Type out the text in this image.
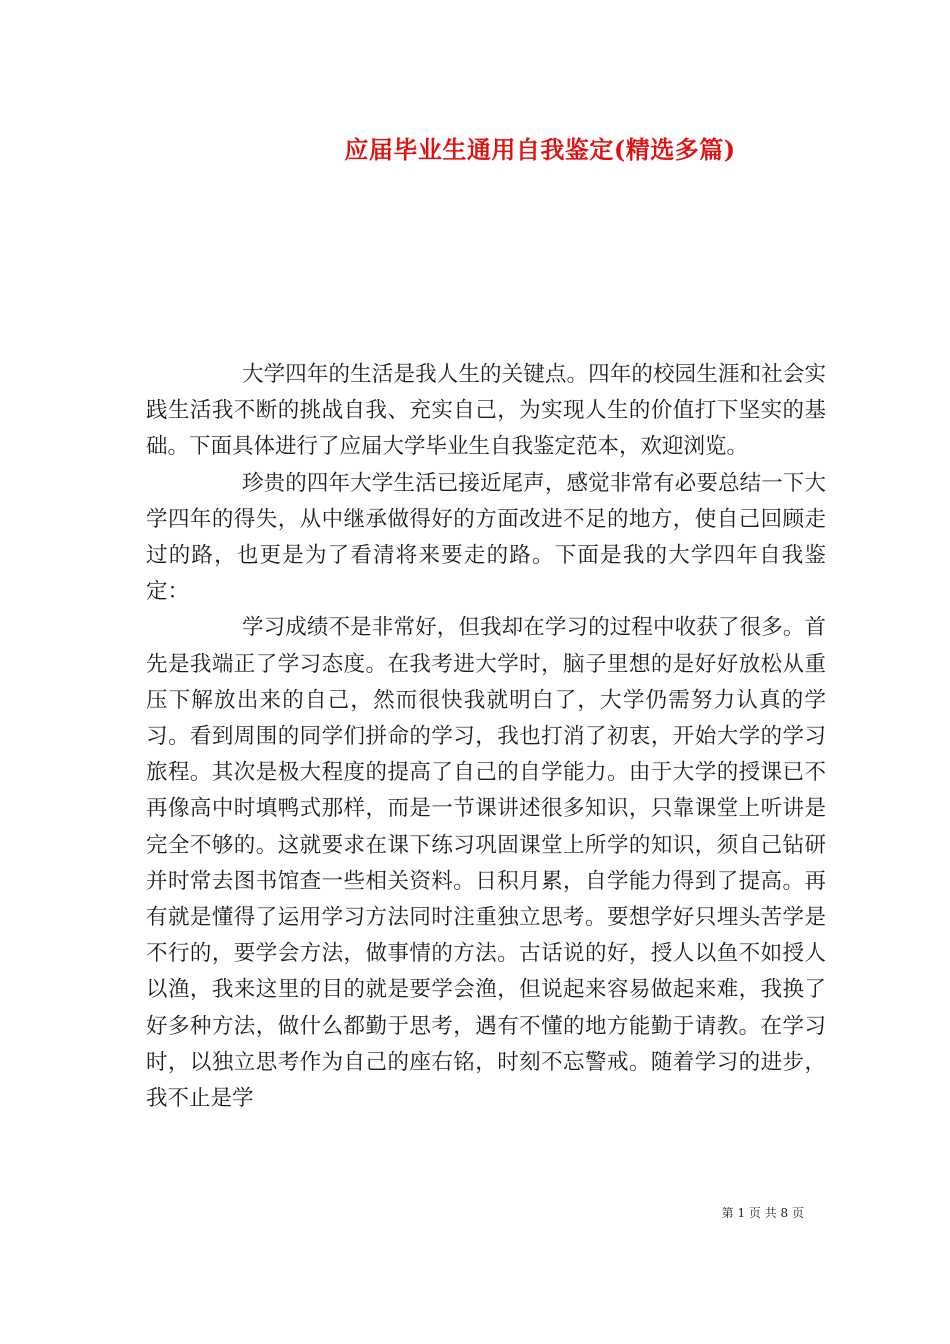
应届毕业生通用自我鉴定(精选多篇)

大学四年的生活是我人生的关键点。四年的校园生涯和社会实践生活我不断的挑战自我、充实自己，为实现人生的价值打下坚实的基础。下面具体进行了应届大学毕业生自我鉴定范本，欢迎浏览。

珍贵的四年大学生活已接近尾声，感觉非常有必要总结一下大学四年的得失，从中继承做得好的方面改进不足的地方，使自己回顾走过的路，也更是为了看清将来要走的路。下面是我的大学四年自我鉴定：

学习成绩不是非常好，但我却在学习的过程中收获了很多。首先是我端正了学习态度。在我考进大学时，脑子里想的是好好放松从重压下解放出来的自己，然而很快我就明白了，大学仍需努力认真的学习。看到周围的同学们拼命的学习，我也打消了初衷，开始大学的学习旅程。其次是极大程度的提高了自己的自学能力。由于大学的授课已不再像高中时填鸭式那样，而是一节课讲述很多知识，只靠课堂上听讲是完全不够的。这就要求在课下练习巩固课堂上所学的知识，须自己钻研并时常去图书馆查一些相关资料。日积月累，自学能力得到了提高。再有就是懂得了运用学习方法同时注重独立思考。要想学好只埋头苦学是不行的，要学会方法，做事情的方法。古话说的好，授人以鱼不如授人以渔，我来这里的目的就是要学会渔，但说起来容易做起来难，我换了好多种方法，做什么都勤于思考，遇有不懂的地方能勤于请教。在学习时，以独立思考作为自己的座右铭，时刻不忘警戒。随着学习的进步，我不止是学

第 1 页 共 8 页
